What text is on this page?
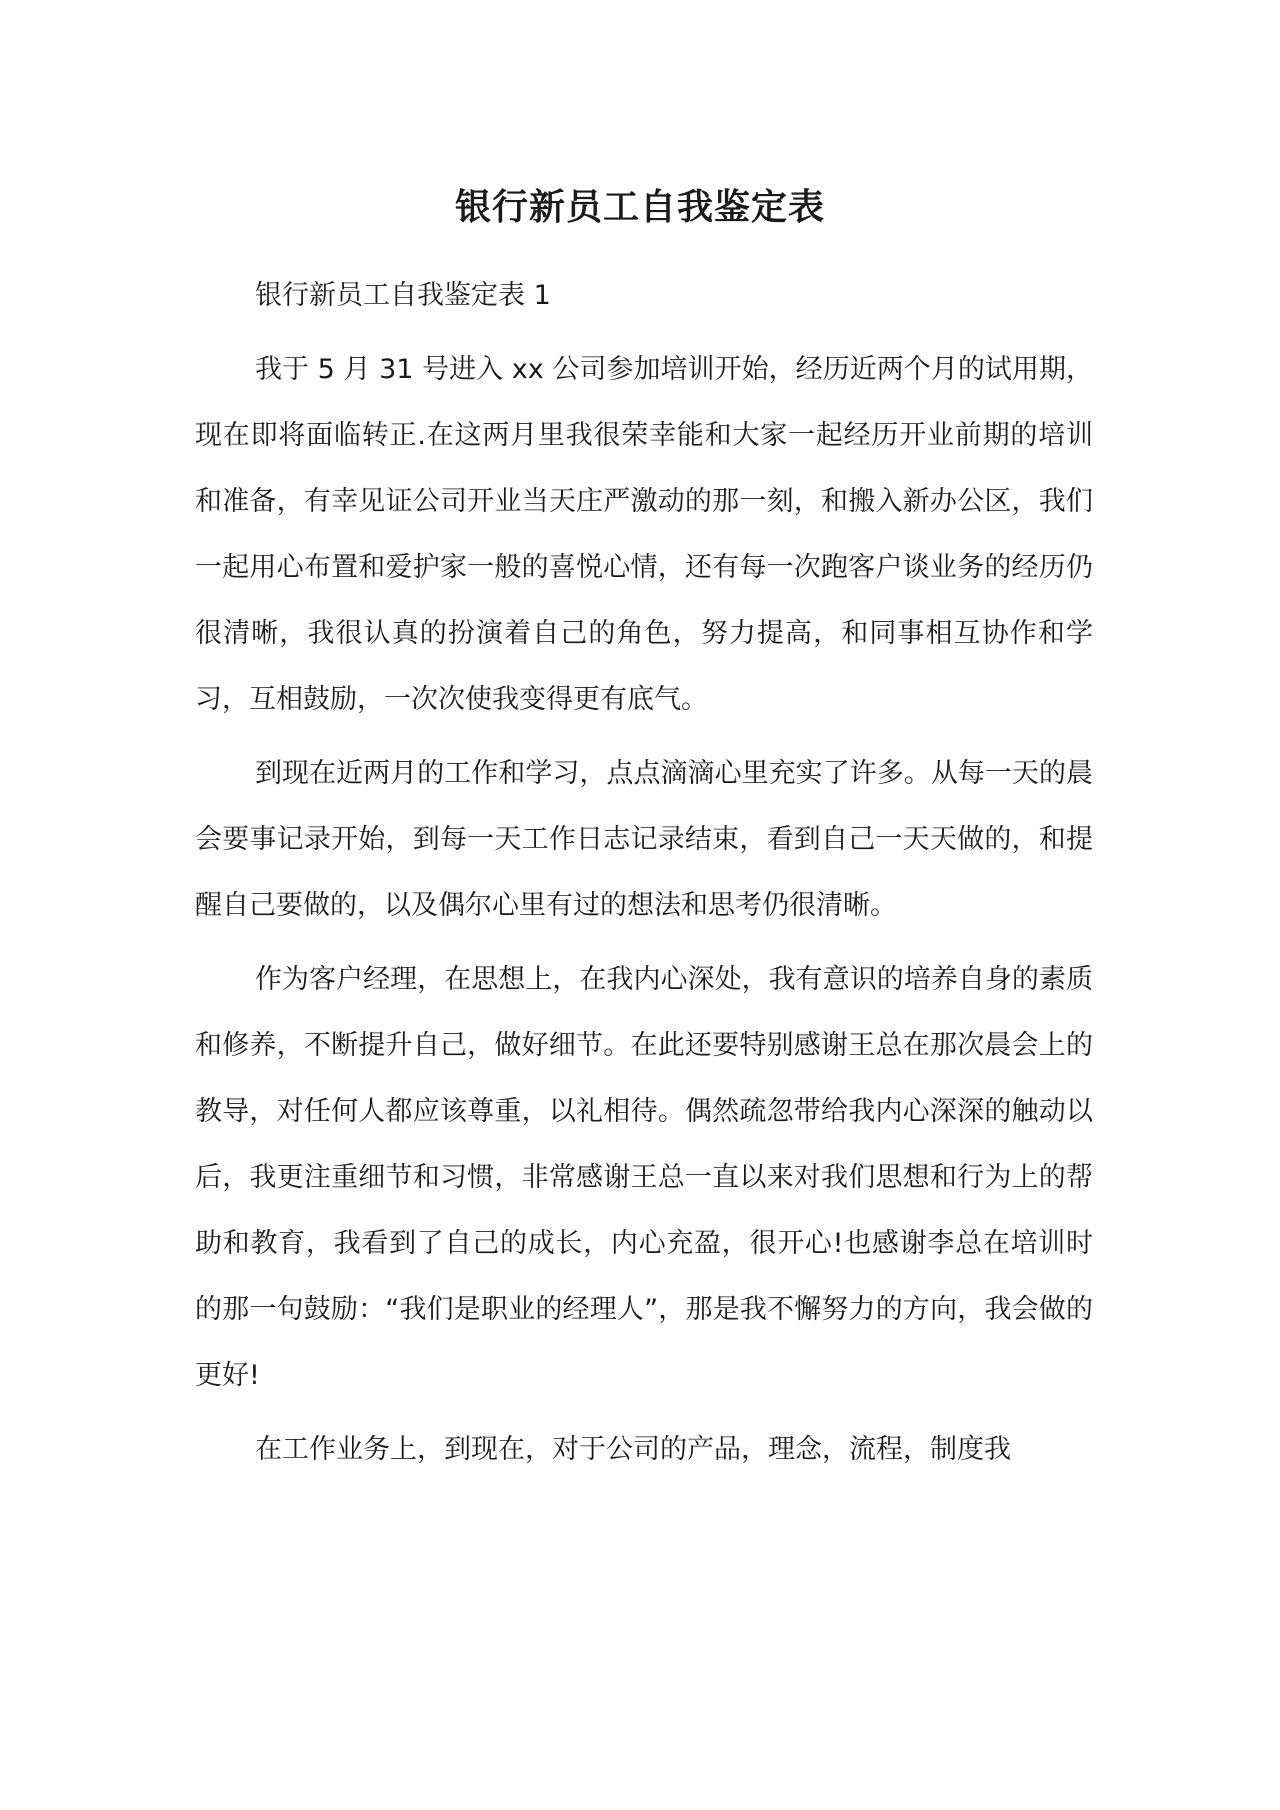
银行新员工自我鉴定表

银行新员工自我鉴定表 1

我于 5 月 31 号进入 xx 公司参加培训开始，经历近两个月的试用期，现在即将面临转正.在这两月里我很荣幸能和大家一起经历开业前期的培训和准备，有幸见证公司开业当天庄严激动的那一刻，和搬入新办公区，我们一起用心布置和爱护家一般的喜悦心情，还有每一次跑客户谈业务的经历仍很清晰，我很认真的扮演着自己的角色，努力提高，和同事相互协作和学习，互相鼓励，一次次使我变得更有底气。

到现在近两月的工作和学习，点点滴滴心里充实了许多。从每一天的晨会要事记录开始，到每一天工作日志记录结束，看到自己一天天做的，和提醒自己要做的，以及偶尔心里有过的想法和思考仍很清晰。

作为客户经理，在思想上，在我内心深处，我有意识的培养自身的素质和修养，不断提升自己，做好细节。在此还要特别感谢王总在那次晨会上的教导，对任何人都应该尊重，以礼相待。偶然疏忽带给我内心深深的触动以后，我更注重细节和习惯，非常感谢王总一直以来对我们思想和行为上的帮助和教育，我看到了自己的成长，内心充盈，很开心!也感谢李总在培训时的那一句鼓励：“我们是职业的经理人”，那是我不懈努力的方向，我会做的更好!

在工作业务上，到现在，对于公司的产品，理念，流程，制度我
